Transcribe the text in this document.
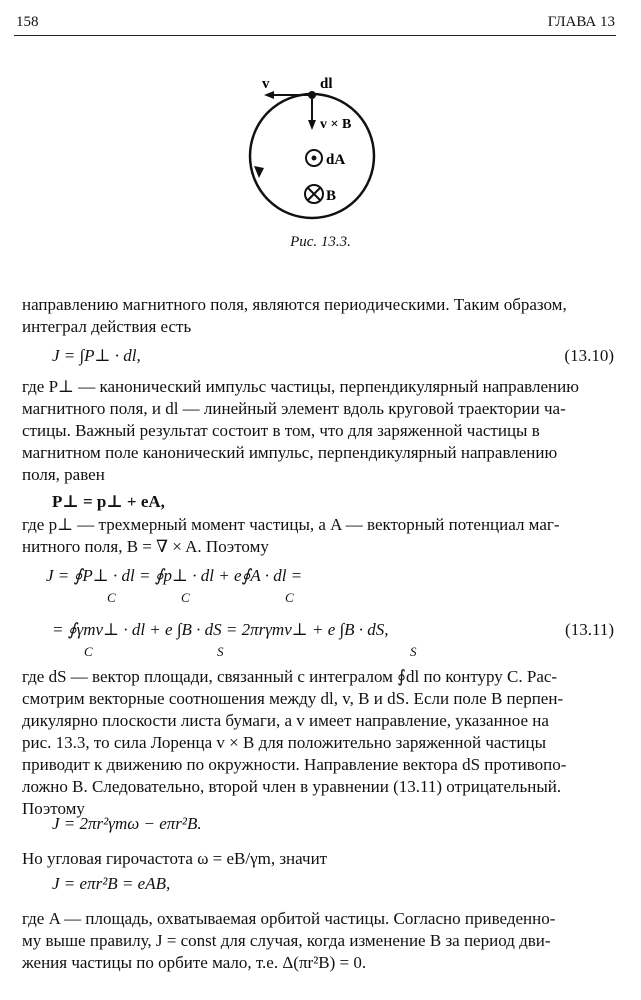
158	ГЛАВА 13
v	dl
v × B
dA
B
Рис. 13.3.
направлению магнитного поля, являются периодическими. Таким образом,
интеграл действия есть
J = ∫P⊥ · dl,	(13.10)
где P⊥ — канонический импульс частицы, перпендикулярный направлению
магнитного поля, и dl — линейный элемент вдоль круговой траектории ча-
стицы. Важный результат состоит в том, что для заряженной частицы в
магнитном поле канонический импульс, перпендикулярный направлению
поля, равен
P⊥ = p⊥ + eA,
где p⊥ — трехмерный момент частицы, а A — векторный потенциал маг-
нитного поля, B = ∇ × A. Поэтому
J = ∮P⊥ · dl = ∮p⊥ · dl + e∮A · dl =
C	C	C
= ∮γmv⊥ · dl + e ∫B · dS = 2πrγmv⊥ + e ∫B · dS,	(13.11)
C	S	S
где dS — вектор площади, связанный с интегралом ∮dl по контуру C. Рас-
смотрим векторные соотношения между dl, v, B и dS. Если поле B перпен-
дикулярно плоскости листа бумаги, а v имеет направление, указанное на
рис. 13.3, то сила Лоренца v × B для положительно заряженной частицы
приводит к движению по окружности. Направление вектора dS противопо-
ложно B. Следовательно, второй член в уравнении (13.11) отрицательный.
Поэтому
J = 2πr²γmω − eπr²B.
Но угловая гирочастота ω = eB/γm, значит
J = eπr²B = eAB,
где A — площадь, охватываемая орбитой частицы. Согласно приведенно-
му выше правилу, J = const для случая, когда изменение B за период дви-
жения частицы по орбите мало, т.е. Δ(πr²B) = 0.
